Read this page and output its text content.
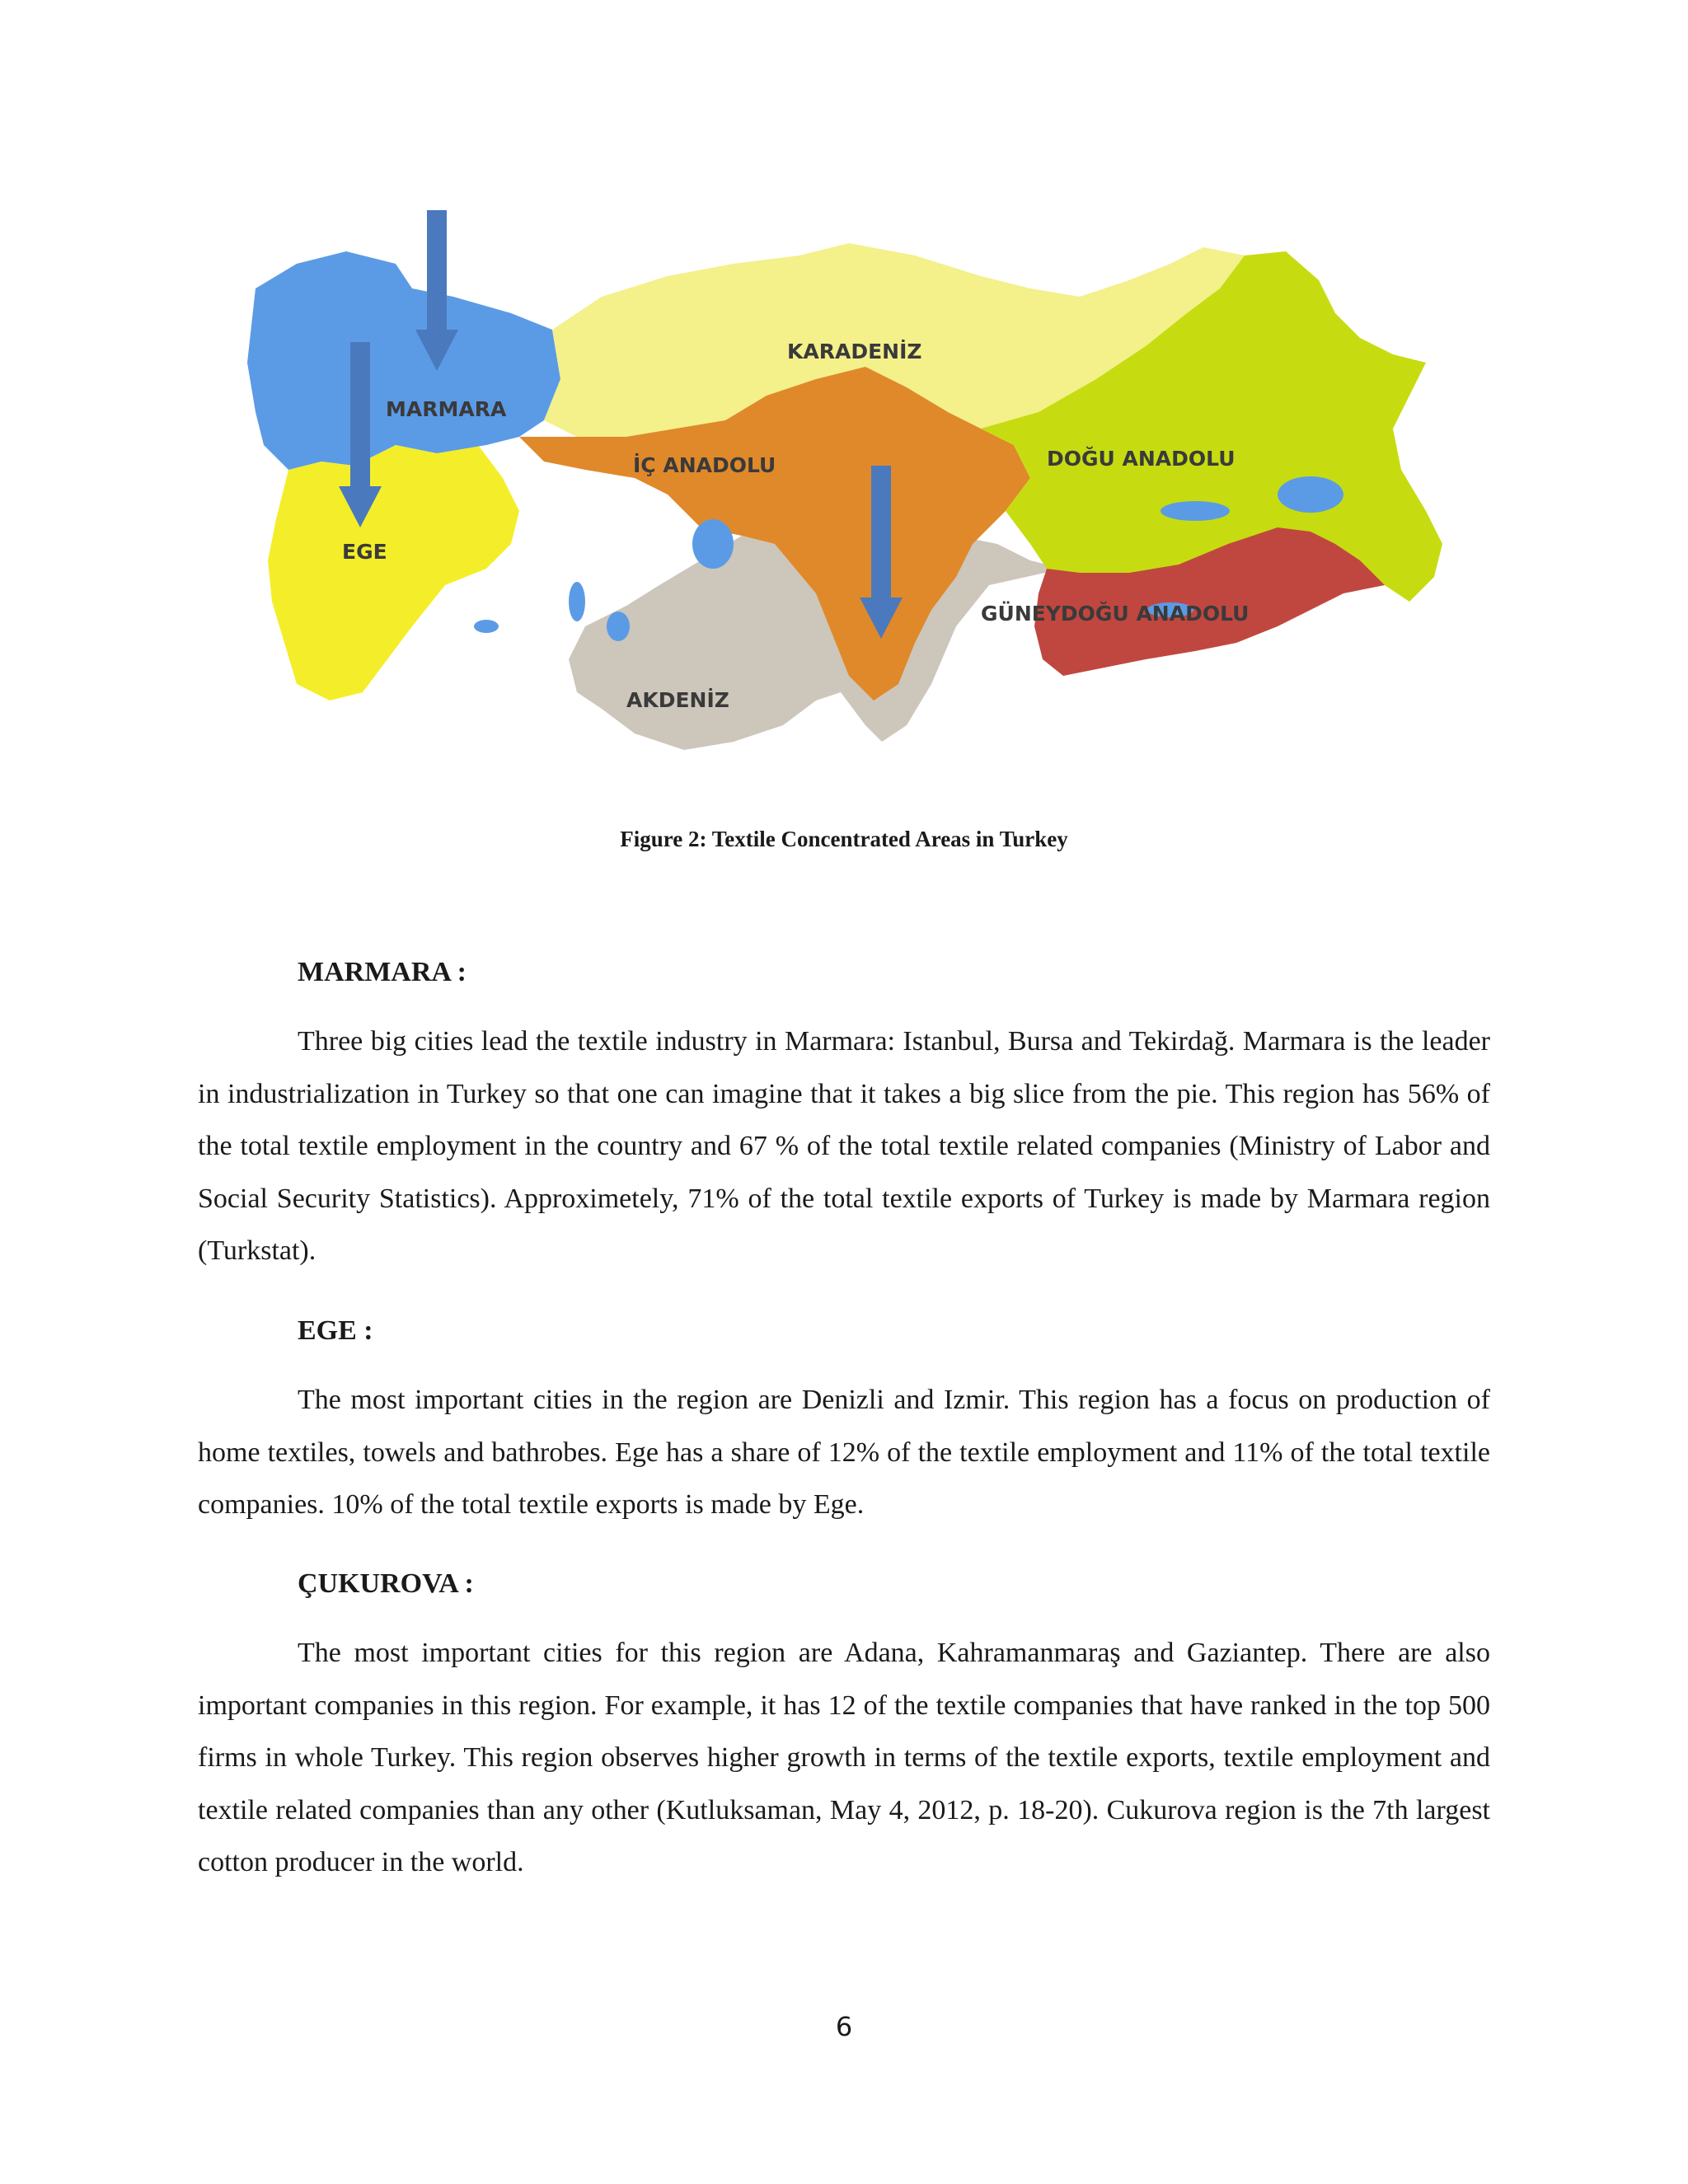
MARMARA
KARADENİZ
İÇ ANADOLU	DOĞU ANADOLU
EGE
AKDENİZ
GÜNEYDOĞU ANADOLU
Figure 2: Textile Concentrated Areas in Turkey
MARMARA :
Three big cities lead the textile industry in Marmara: Istanbul, Bursa and Tekirdağ. Marmara is the leader in industrialization in Turkey so that one can imagine that it takes a big slice from the pie. This region has 56% of the total textile employment in the country and 67 % of the total textile related companies (Ministry of Labor and Social Security Statistics). Approximetely, 71% of the total textile exports of Turkey is made by Marmara region (Turkstat).
EGE :
The most important cities in the region are Denizli and Izmir. This region has a focus on production of home textiles, towels and bathrobes. Ege has a share of 12% of the textile employment and 11% of the total textile companies. 10% of the total textile exports is made by Ege.
ÇUKUROVA :
The most important cities for this region are Adana, Kahramanmaraş and Gaziantep. There are also important companies in this region. For example, it has 12 of the textile companies that have ranked in the top 500 firms in whole Turkey. This region observes higher growth in terms of the textile exports, textile employment and textile related companies than any other (Kutluksaman, May 4, 2012, p. 18-20). Cukurova region is the 7th largest cotton producer in the world.
6
